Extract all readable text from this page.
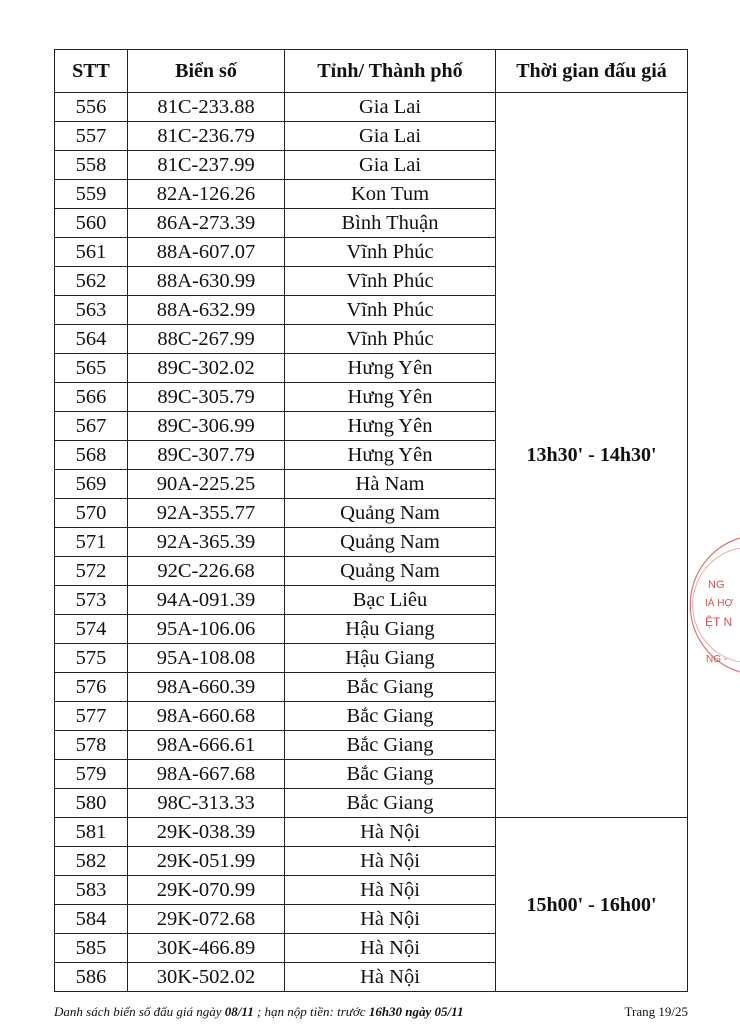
STT	Biển số	Tỉnh/ Thành phố	Thời gian đấu giá
556	81C-233.88	Gia Lai	13h30' - 14h30'
557	81C-236.79	Gia Lai	
558	81C-237.99	Gia Lai	
559	82A-126.26	Kon Tum	
560	86A-273.39	Bình Thuận	
561	88A-607.07	Vĩnh Phúc	
562	88A-630.99	Vĩnh Phúc	
563	88A-632.99	Vĩnh Phúc	
564	88C-267.99	Vĩnh Phúc	
565	89C-302.02	Hưng Yên	
566	89C-305.79	Hưng Yên	
567	89C-306.99	Hưng Yên	
568	89C-307.79	Hưng Yên	
569	90A-225.25	Hà Nam	
570	92A-355.77	Quảng Nam	
571	92A-365.39	Quảng Nam	
572	92C-226.68	Quảng Nam	
573	94A-091.39	Bạc Liêu	
574	95A-106.06	Hậu Giang	
575	95A-108.08	Hậu Giang	
576	98A-660.39	Bắc Giang	
577	98A-660.68	Bắc Giang	
578	98A-666.61	Bắc Giang	
579	98A-667.68	Bắc Giang	
580	98C-313.33	Bắc Giang	
581	29K-038.39	Hà Nội	15h00' - 16h00'
582	29K-051.99	Hà Nội	
583	29K-070.99	Hà Nội	
584	29K-072.68	Hà Nội	
585	30K-466.89	Hà Nội	
586	30K-502.02	Hà Nội	
Danh sách biển số đấu giá ngày 08/11 ; hạn nộp tiền: trước 16h30 ngày 05/11	Trang 19/25
NG
IÁ HỢ
ỆT N
NG -
